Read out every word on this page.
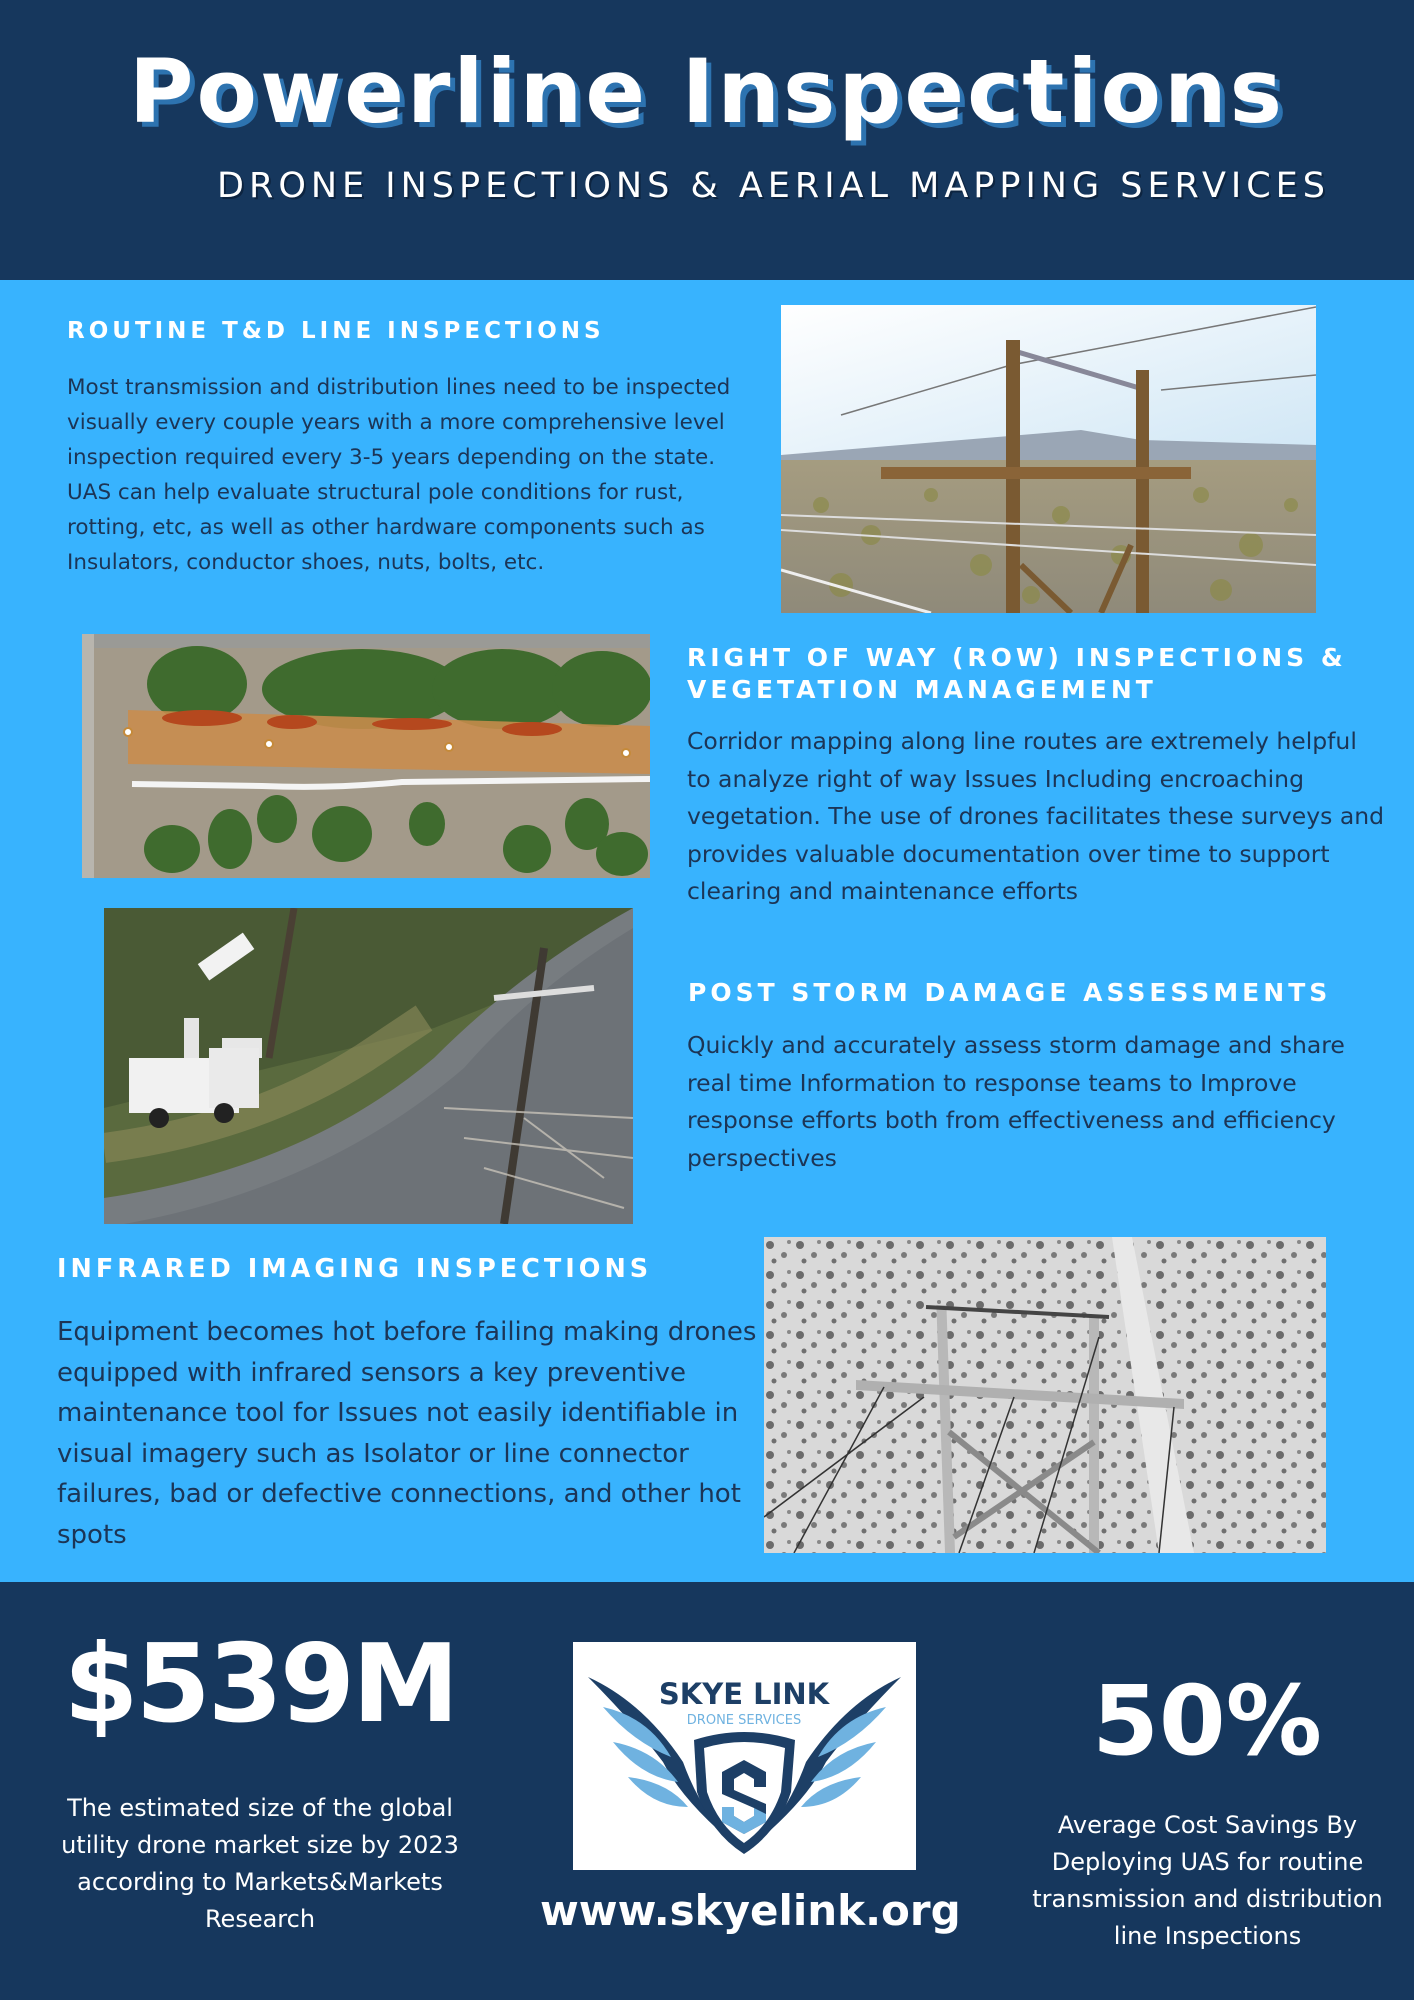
Powerline Inspections
DRONE INSPECTIONS & AERIAL MAPPING SERVICES
ROUTINE T&D LINE INSPECTIONS
Most transmission and distribution lines need to be inspected visually every couple years with a more comprehensive level inspection required every 3-5 years depending on the state. UAS can help evaluate structural pole conditions for rust, rotting, etc, as well as other hardware components such as Insulators, conductor shoes, nuts, bolts, etc.
RIGHT OF WAY (ROW) INSPECTIONS & VEGETATION MANAGEMENT
Corridor mapping along line routes are extremely helpful to analyze right of way Issues Including encroaching vegetation. The use of drones facilitates these surveys and provides valuable documentation over time to support clearing and maintenance efforts
POST STORM DAMAGE ASSESSMENTS
Quickly and accurately assess storm damage and share real time Information to response teams to Improve response efforts both from effectiveness and efficiency perspectives
INFRARED IMAGING INSPECTIONS
Equipment becomes hot before failing making drones equipped with infrared sensors a key preventive maintenance tool for Issues not easily identifiable in visual imagery such as Isolator or line connector failures, bad or defective connections, and other hot spots
$539M
The estimated size of the global utility drone market size by 2023 according to Markets&Markets Research
SKYE LINK
DRONE SERVICES
www.skyelink.org
50%
Average Cost Savings By Deploying UAS for routine transmission and distribution line Inspections
